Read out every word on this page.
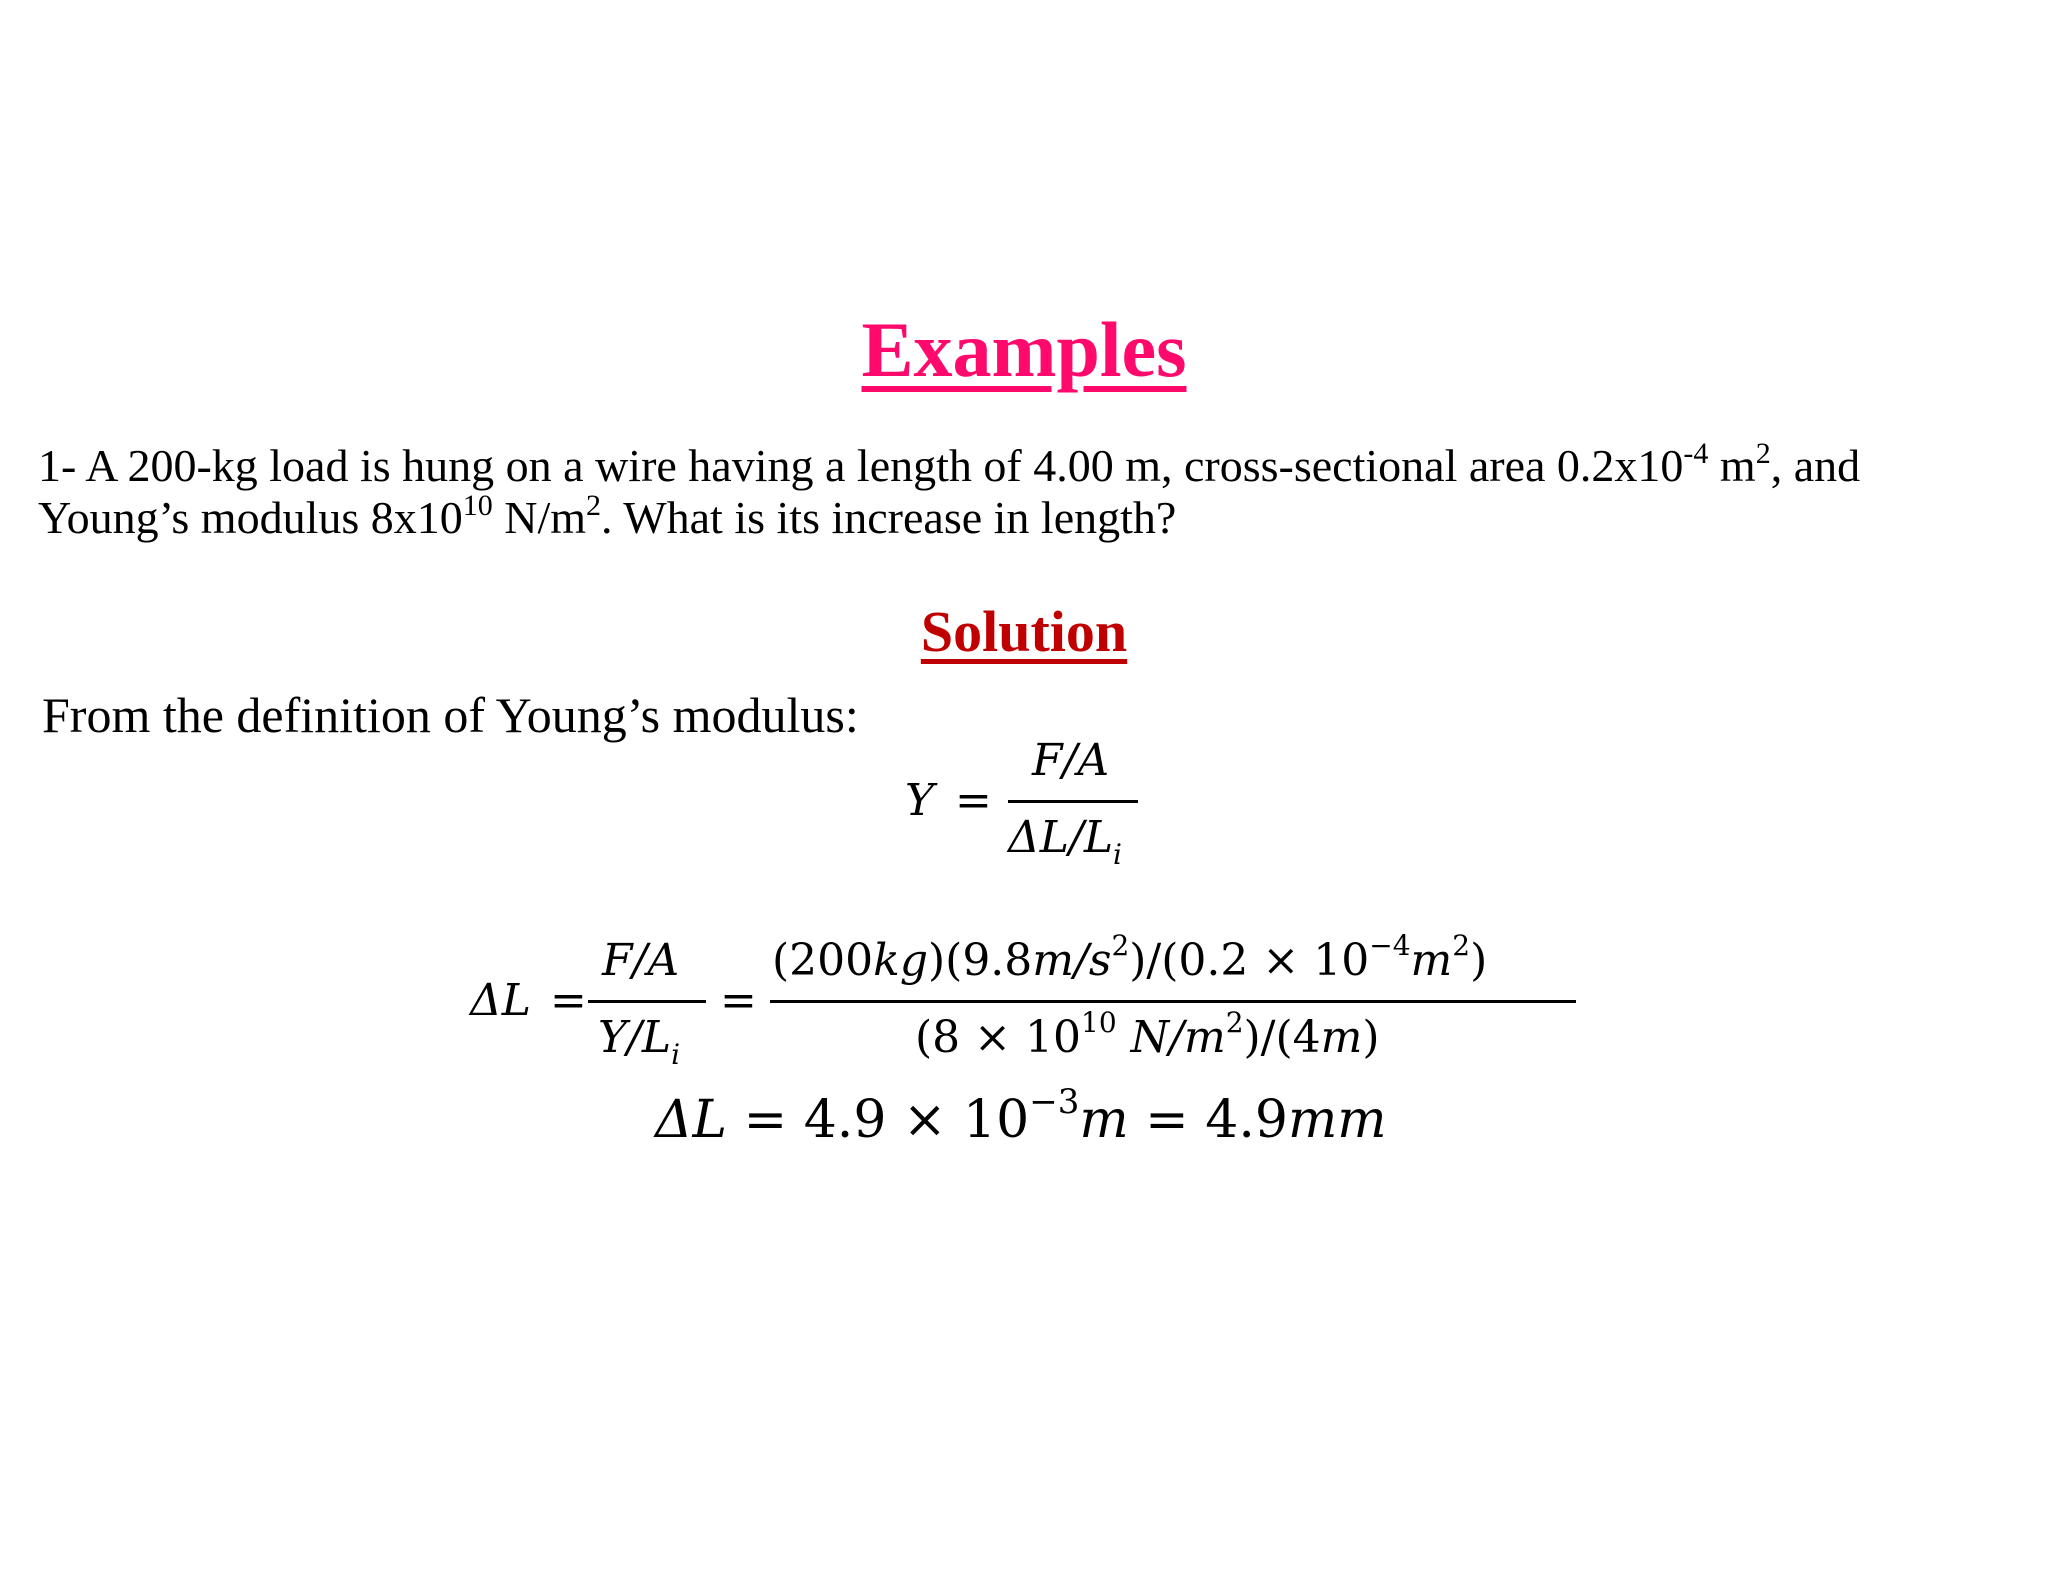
Examples
1- A 200-kg load is hung on a wire having a length of 4.00 m, cross-sectional area $0.2x10^{-4}$ $m^2$, and
Young’s modulus $8x10^{10}$ $N/m^2$. What is its increase in length?
Solution
From the definition of Young’s modulus:
Y =
F/A
$\Delta L/L_i$
ΔL =
F/A
$Y/L_i$
=
$(200kg)(9.8m/s^2)/(0.2 \times 10^{-4}m^2)$
($8 \times 10^{10}$ $N/m^2)/(4m)$
$\Delta L = 4.9 \times 10^{-3}m = 4.9mm$
